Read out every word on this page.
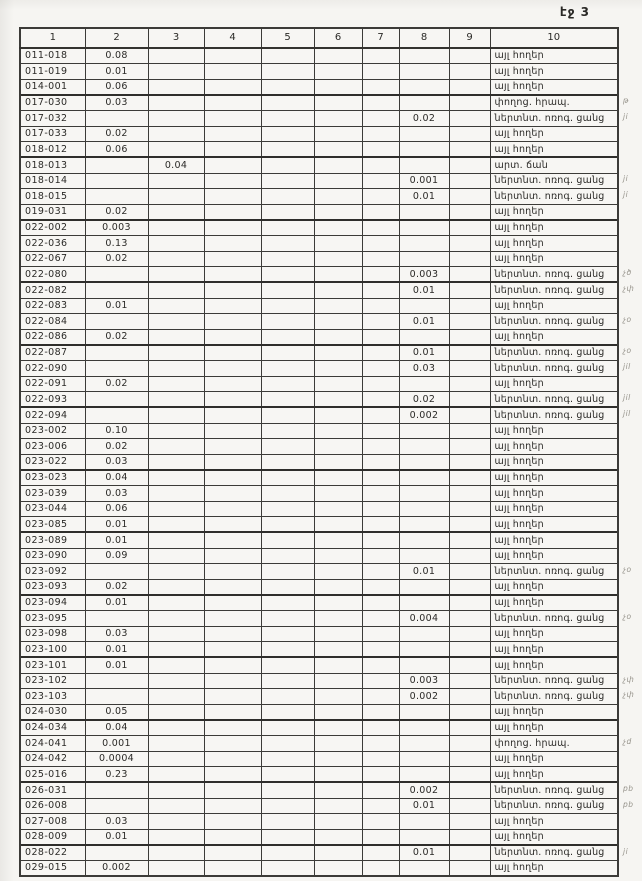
էջ 3
1	2	3	4	5	6	7	8	9	10
011-018	0.08								այլ հողեր
011-019	0.01								այլ հողեր
014-001	0.06								այլ հողեր
017-030	0.03								փողոց. հրապ.
017-032							0.02		ներտնտ. ոռոգ. ցանց
017-033	0.02								այլ հողեր
018-012	0.06								այլ հողեր
018-013		0.04							արտ. ճան
018-014							0.001		ներտնտ. ոռոգ. ցանց
018-015							0.01		ներտնտ. ոռոգ. ցանց
019-031	0.02								այլ հողեր
022-002	0.003								այլ հողեր
022-036	0.13								այլ հողեր
022-067	0.02								այլ հողեր
022-080							0.003		ներտնտ. ոռոգ. ցանց
022-082							0.01		ներտնտ. ոռոգ. ցանց
022-083	0.01								այլ հողեր
022-084							0.01		ներտնտ. ոռոգ. ցանց
022-086	0.02								այլ հողեր
022-087							0.01		ներտնտ. ոռոգ. ցանց
022-090							0.03		ներտնտ. ոռոգ. ցանց
022-091	0.02								այլ հողեր
022-093							0.02		ներտնտ. ոռոգ. ցանց
022-094							0.002		ներտնտ. ոռոգ. ցանց
023-002	0.10								այլ հողեր
023-006	0.02								այլ հողեր
023-022	0.03								այլ հողեր
023-023	0.04								այլ հողեր
023-039	0.03								այլ հողեր
023-044	0.06								այլ հողեր
023-085	0.01								այլ հողեր
023-089	0.01								այլ հողեր
023-090	0.09								այլ հողեր
023-092							0.01		ներտնտ. ոռոգ. ցանց
023-093	0.02								այլ հողեր
023-094	0.01								այլ հողեր
023-095							0.004		ներտնտ. ոռոգ. ցանց
023-098	0.03								այլ հողեր
023-100	0.01								այլ հողեր
023-101	0.01								այլ հողեր
023-102							0.003		ներտնտ. ոռոգ. ցանց
023-103							0.002		ներտնտ. ոռոգ. ցանց
024-030	0.05								այլ հողեր
024-034	0.04								այլ հողեր
024-041	0.001								փողոց. հրապ.
024-042	0.0004								այլ հողեր
025-016	0.23								այլ հողեր
026-031							0.002		ներտնտ. ոռոգ. ցանց
026-008							0.01		ներտնտ. ոռոգ. ցանց
027-008	0.03								այլ հողեր
028-009	0.01								այլ հողեր
028-022							0.01		ներտնտ. ոռոգ. ցանց
029-015	0.002								այլ հողեր
թ
ji
ji
ji
չծ
չփ
չօ
չօ
jil
jil
jil
չօ
չօ
չփ
չփ
չd
pb
pb
ji
